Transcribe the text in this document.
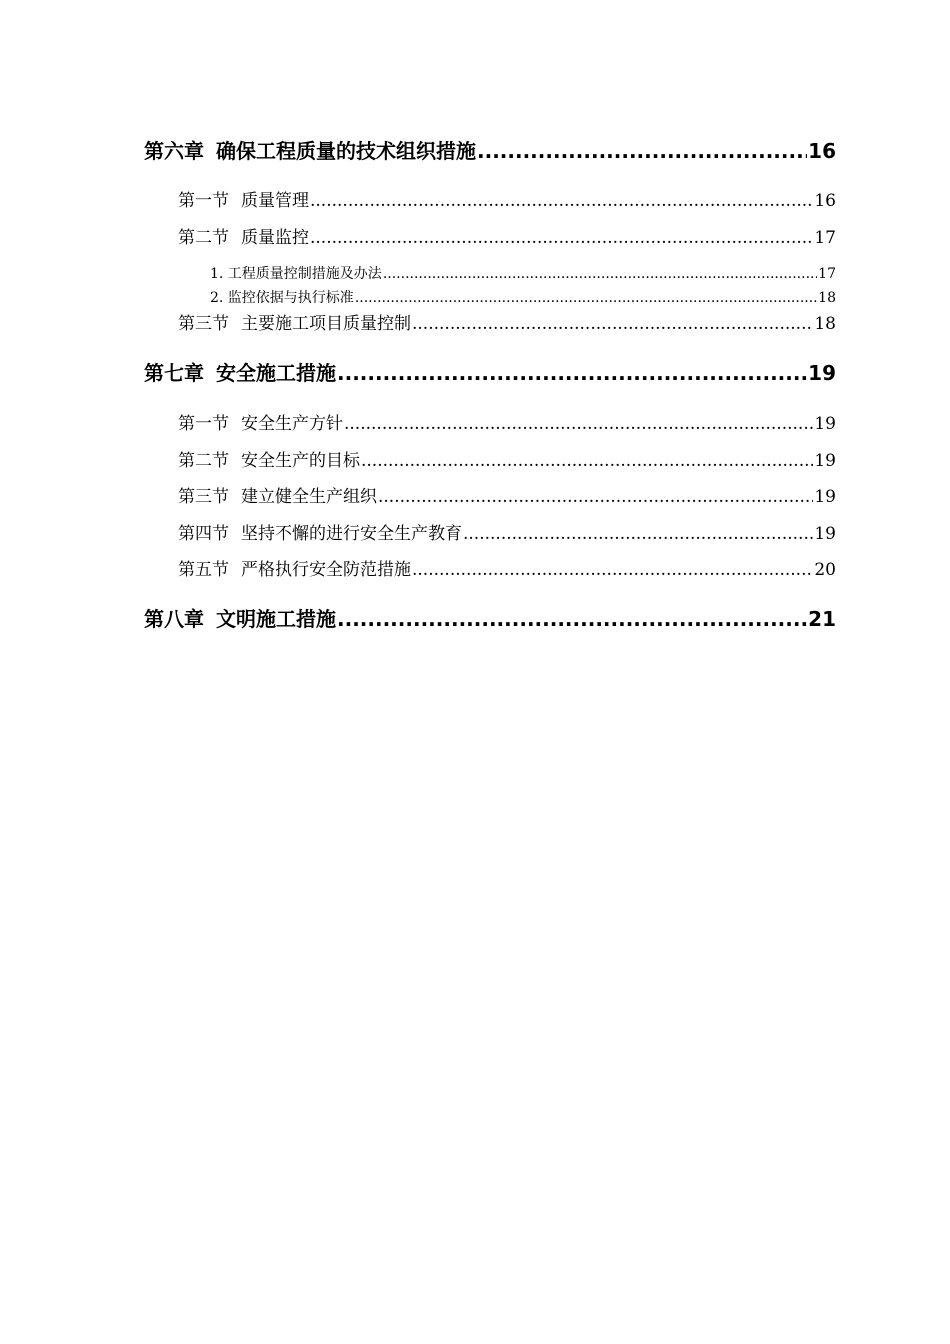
第六章 确保工程质量的技术组织措施 .....	16
第一节 质量管理 .....	16
第二节 质量监控 .....	17
1. 工程质量控制措施及办法 .....	17
2. 监控依据与执行标准 .....	18
第三节 主要施工项目质量控制 .....	18
第七章 安全施工措施 .....	19
第一节 安全生产方针 .....	19
第二节 安全生产的目标 .....	19
第三节 建立健全生产组织 .....	19
第四节 坚持不懈的进行安全生产教育 .....	19
第五节 严格执行安全防范措施 .....	20
第八章 文明施工措施 .....	21
